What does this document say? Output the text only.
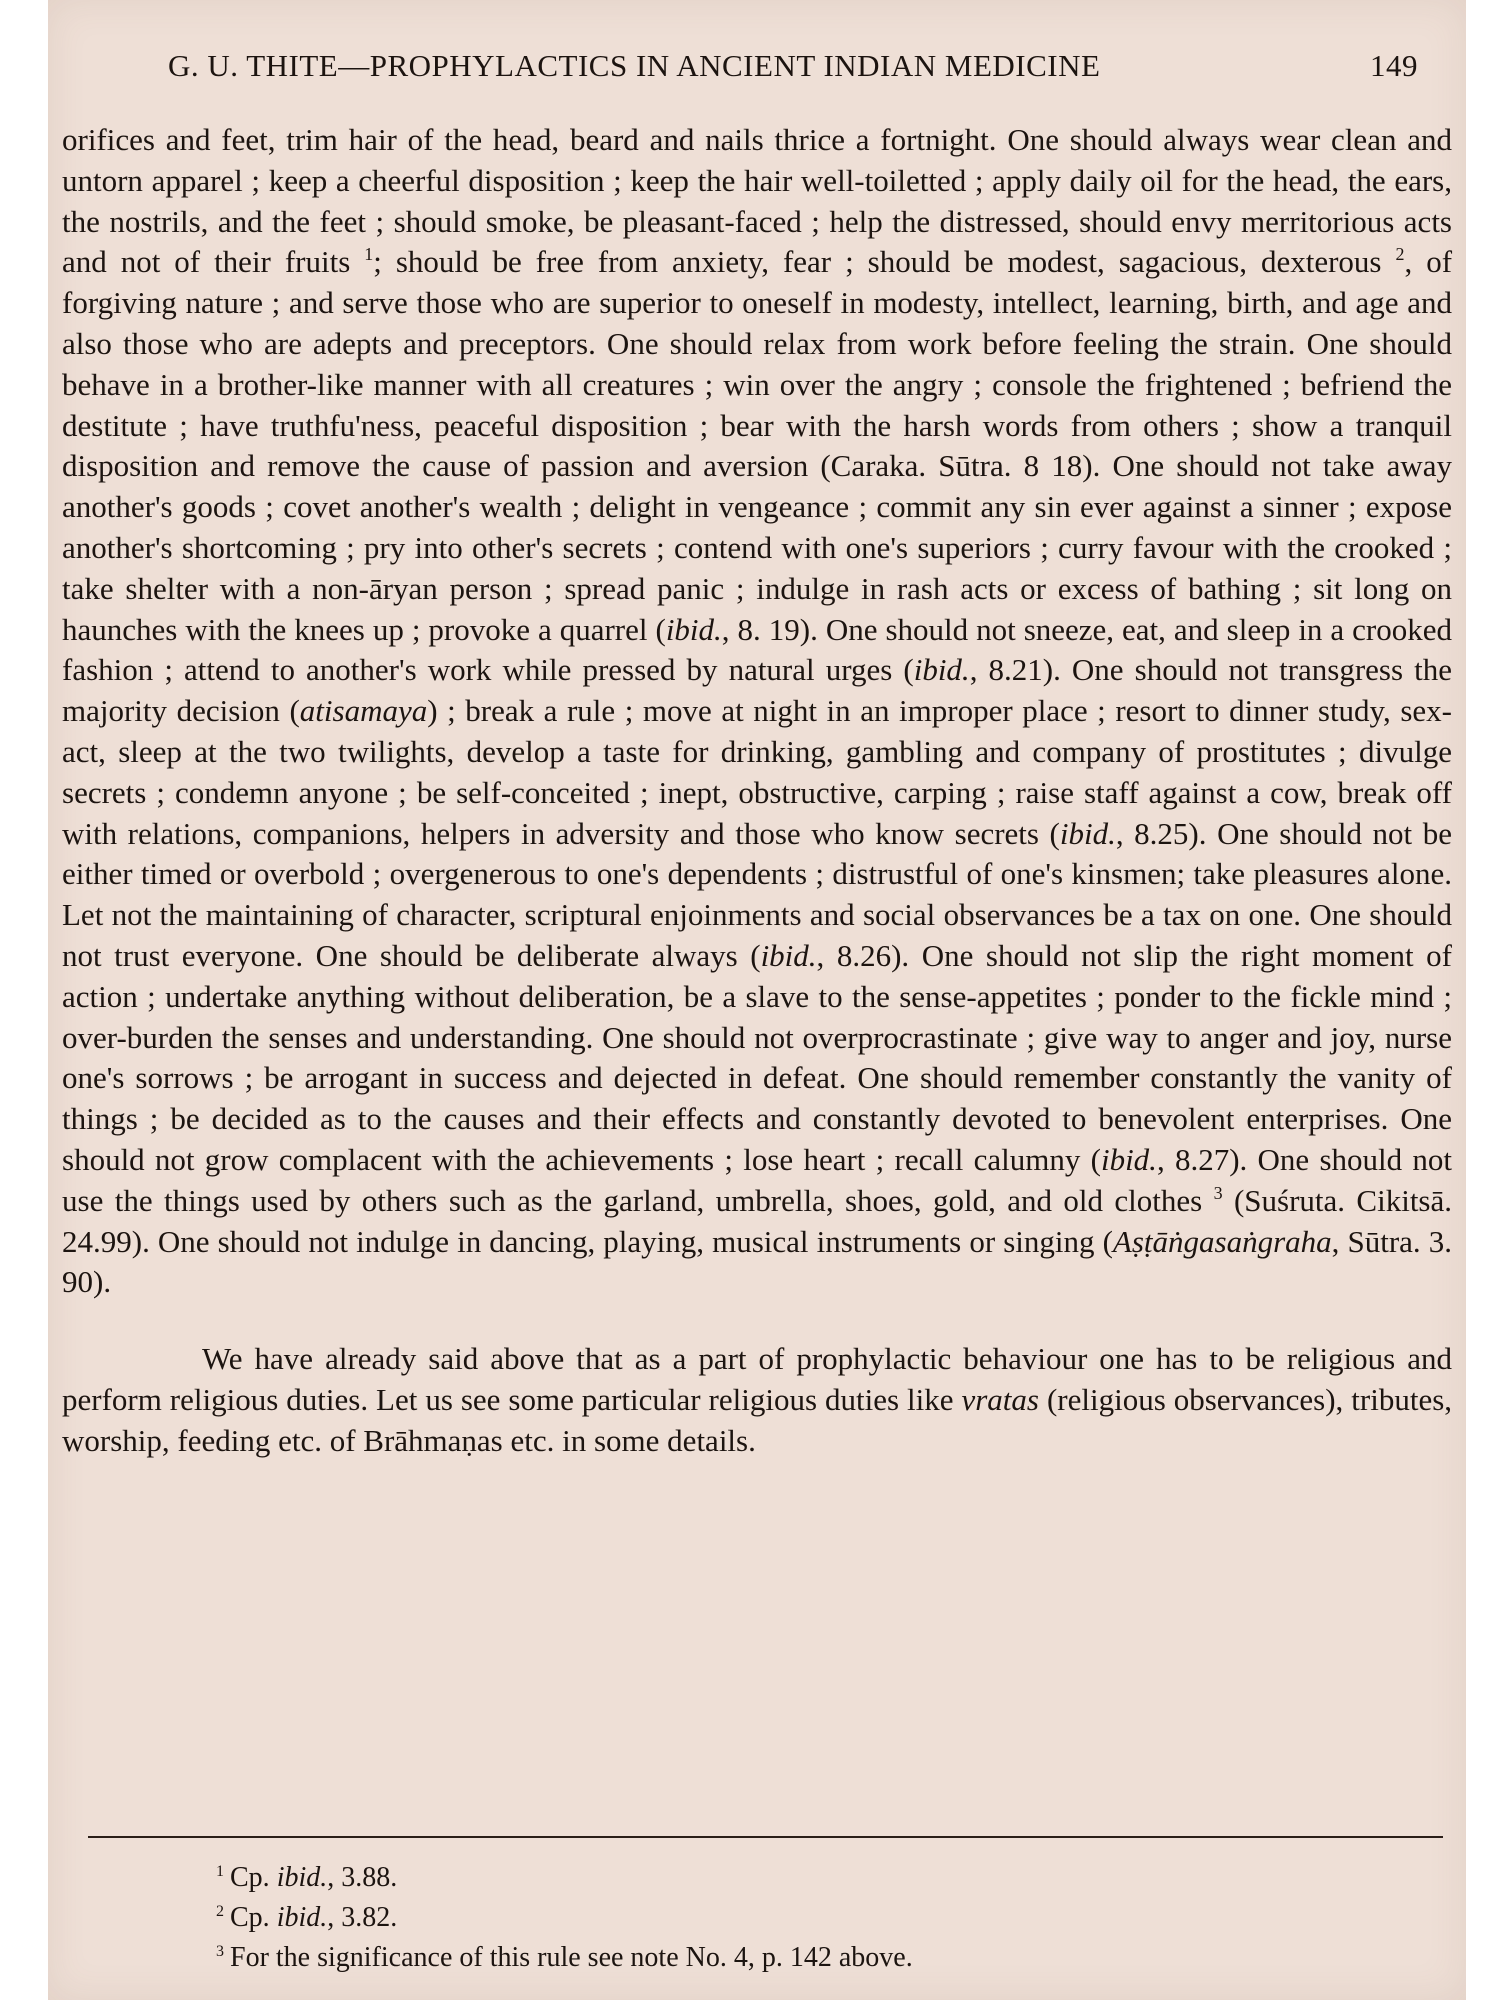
G. U. THITE—PROPHYLACTICS IN ANCIENT INDIAN MEDICINE	149

orifices and feet, trim hair of the head, beard and nails thrice a fortnight. One should always wear clean and untorn apparel ; keep a cheerful disposition ; keep the hair well-toiletted ; apply daily oil for the head, the ears, the nostrils, and the feet ; should smoke, be pleasant-faced ; help the distressed, should envy merritorious acts and not of their fruits $^1$; should be free from anxiety, fear ; should be modest, sagacious, dexterous $^2$, of forgiving nature ; and serve those who are superior to oneself in modesty, intellect, learning, birth, and age and also those who are adepts and preceptors. One should relax from work before feeling the strain. One should behave in a brother-like manner with all creatures ; win over the angry ; console the frightened ; befriend the destitute ; have truthfu'ness, peaceful disposition ; bear with the harsh words from others ; show a tranquil disposition and remove the cause of passion and aversion (Caraka. Sūtra. 8 18). One should not take away another's goods ; covet another's wealth ; delight in vengeance ; commit any sin ever against a sinner ; expose another's shortcoming ; pry into other's secrets ; contend with one's superiors ; curry favour with the crooked ; take shelter with a non-āryan person ; spread panic ; indulge in rash acts or excess of bathing ; sit long on haunches with the knees up ; provoke a quarrel (ibid., 8. 19). One should not sneeze, eat, and sleep in a crooked fashion ; attend to another's work while pressed by natural urges (ibid., 8.21). One should not transgress the majority decision (atisamaya) ; break a rule ; move at night in an improper place ; resort to dinner study, sex-act, sleep at the two twilights, develop a taste for drinking, gambling and company of prostitutes ; divulge secrets ; condemn anyone ; be self-conceited ; inept, obstructive, carping ; raise staff against a cow, break off with relations, companions, helpers in adversity and those who know secrets (ibid., 8.25). One should not be either timed or overbold ; overgenerous to one's dependents ; distrustful of one's kinsmen; take pleasures alone. Let not the maintaining of character, scriptural enjoinments and social observances be a tax on one. One should not trust everyone. One should be deliberate always (ibid., 8.26). One should not slip the right moment of action ; undertake anything without deliberation, be a slave to the sense-appetites ; ponder to the fickle mind ; over-burden the senses and understanding. One should not overprocrastinate ; give way to anger and joy, nurse one's sorrows ; be arrogant in success and dejected in defeat. One should remember constantly the vanity of things ; be decided as to the causes and their effects and constantly devoted to benevolent enterprises. One should not grow complacent with the achievements ; lose heart ; recall calumny (ibid., 8.27). One should not use the things used by others such as the garland, umbrella, shoes, gold, and old clothes $^3$ (Suśruta. Cikitsā. 24.99). One should not indulge in dancing, playing, musical instruments or singing (Aṣṭāṅgasaṅgraha, Sūtra. 3. 90).

We have already said above that as a part of prophylactic behaviour one has to be religious and perform religious duties. Let us see some particular religious duties like vratas (religious observances), tributes, worship, feeding etc. of Brāhmaṇas etc. in some details.

$^1$ Cp. ibid., 3.88.

$^2$ Cp. ibid., 3.82.

$^3$ For the significance of this rule see note No. 4, p. 142 above.
